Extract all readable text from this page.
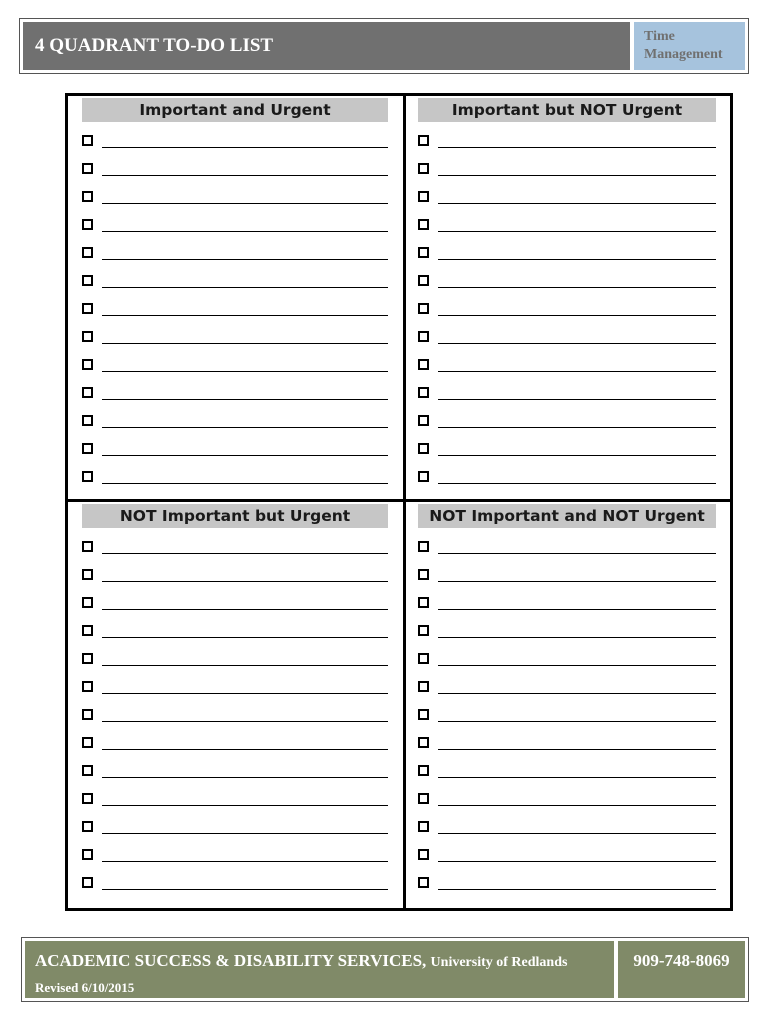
4 QUADRANT TO-DO LIST	Time
Management
Important and Urgent	Important but NOT Urgent
NOT Important but Urgent	NOT Important and NOT Urgent
ACADEMIC SUCCESS & DISABILITY SERVICES, University of Redlands
Revised 6/10/2015
909-748-8069
